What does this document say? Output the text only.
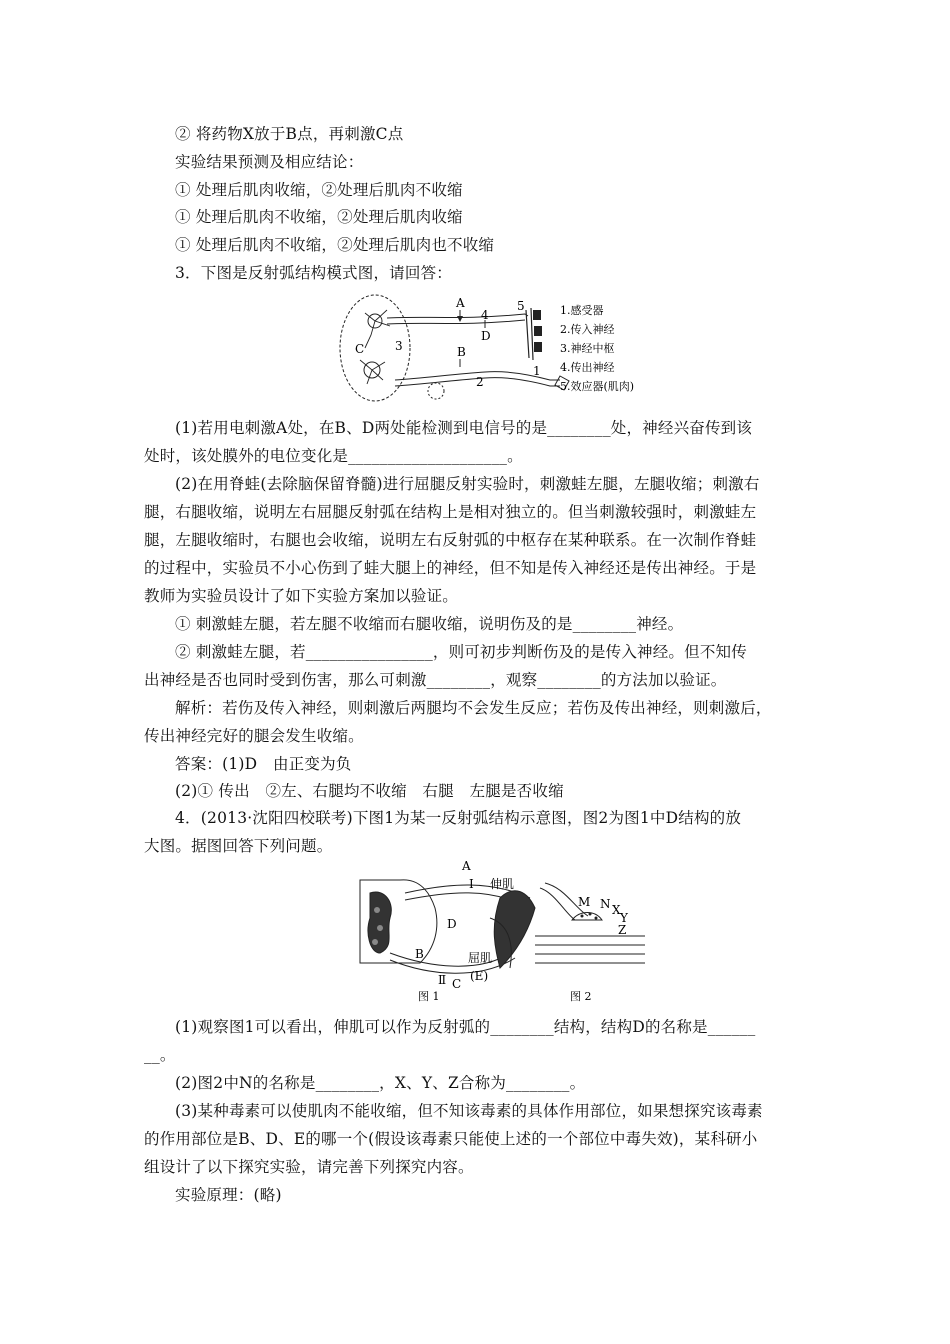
② 将药物X放于B点，再刺激C点
实验结果预测及相应结论：
① 处理后肌肉收缩，②处理后肌肉不收缩
① 处理后肌肉不收缩，②处理后肌肉收缩
① 处理后肌肉不收缩，②处理后肌肉也不收缩
3．下图是反射弧结构模式图，请回答：
A
B
C
D
3
4
5
1
2
1.感受器
2.传入神经
3.神经中枢
4.传出神经
5.效应器(肌肉)
(1)若用电刺激A处，在B、D两处能检测到电信号的是________处，神经兴奋传到该
处时，该处膜外的电位变化是____________________。
(2)在用脊蛙(去除脑保留脊髓)进行屈腿反射实验时，刺激蛙左腿，左腿收缩；刺激右
腿，右腿收缩，说明左右屈腿反射弧在结构上是相对独立的。但当刺激较强时，刺激蛙左
腿，左腿收缩时，右腿也会收缩，说明左右反射弧的中枢存在某种联系。在一次制作脊蛙
的过程中，实验员不小心伤到了蛙大腿上的神经，但不知是传入神经还是传出神经。于是
教师为实验员设计了如下实验方案加以验证。
① 刺激蛙左腿，若左腿不收缩而右腿收缩，说明伤及的是________神经。
② 刺激蛙左腿，若________________，则可初步判断伤及的是传入神经。但不知传
出神经是否也同时受到伤害，那么可刺激________，观察________的方法加以验证。
解析：若伤及传入神经，则刺激后两腿均不会发生反应；若伤及传出神经，则刺激后，
传出神经完好的腿会发生收缩。
答案：(1)D　由正变为负
(2)① 传出　②左、右腿均不收缩　右腿　左腿是否收缩
4．(2013·沈阳四校联考)下图1为某一反射弧结构示意图，图2为图1中D结构的放
大图。据图回答下列问题。
A
I 伸肌
B
D
C
Ⅱ
屈肌
(E)
图 1
M N X
Y
Z
图 2
(1)观察图1可以看出，伸肌可以作为反射弧的________结构，结构D的名称是______
__。
(2)图2中N的名称是________，X、Y、Z合称为________。
(3)某种毒素可以使肌肉不能收缩，但不知该毒素的具体作用部位，如果想探究该毒素
的作用部位是B、D、E的哪一个(假设该毒素只能使上述的一个部位中毒失效)，某科研小
组设计了以下探究实验，请完善下列探究内容。
实验原理：(略)
